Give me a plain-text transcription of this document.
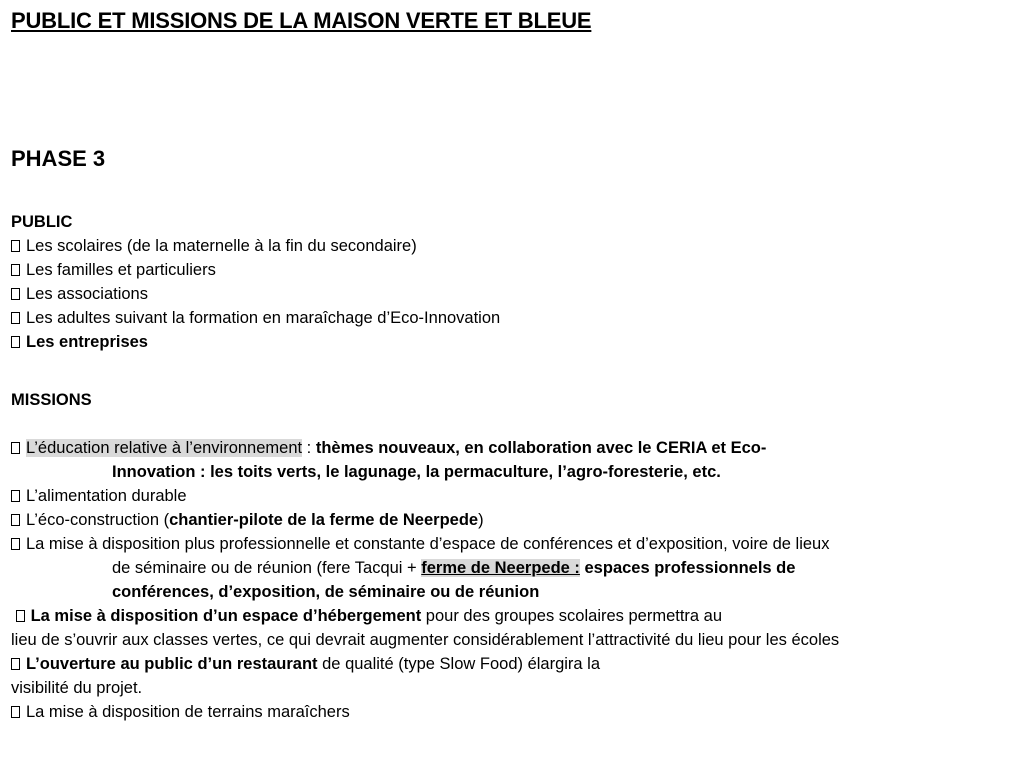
PUBLIC ET MISSIONS DE LA MAISON VERTE ET BLEUE
PHASE 3
PUBLIC
Les scolaires (de la maternelle à la fin du secondaire)
Les familles et particuliers
Les associations
Les adultes suivant la formation en maraîchage d’Eco-Innovation
Les entreprises
MISSIONS
L’éducation relative à l’environnement : thèmes nouveaux, en collaboration avec le CERIA et Eco-
Innovation : les toits verts, le lagunage, la permaculture, l’agro-foresterie, etc.
L’alimentation durable
L’éco-construction (chantier-pilote de la ferme de Neerpede)
La mise à disposition plus professionnelle et constante d’espace de conférences et d’exposition, voire de lieux
de séminaire ou de réunion (fere Tacqui + ferme de Neerpede : espaces professionnels de
conférences, d’exposition, de séminaire ou de réunion
La mise à disposition d’un espace d’hébergement pour des groupes scolaires permettra au
lieu de s’ouvrir aux classes vertes, ce qui devrait augmenter considérablement l’attractivité du lieu pour les écoles
L’ouverture au public d’un restaurant de qualité (type Slow Food) élargira la
visibilité du projet.
La mise à disposition de terrains maraîchers
